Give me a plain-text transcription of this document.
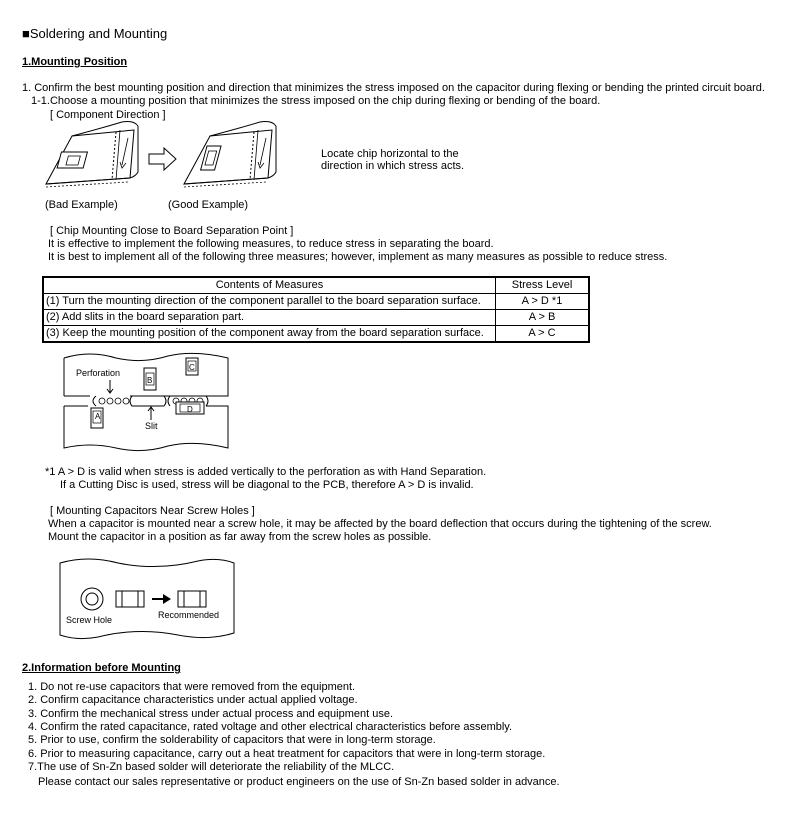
■Soldering and Mounting
1.Mounting Position
1. Confirm the best mounting position and direction that minimizes the stress imposed on the capacitor during flexing or bending the printed circuit board.
1-1.Choose a mounting position that minimizes the stress imposed on the chip during flexing or bending of the board.
[ Component Direction ]
Locate chip horizontal to the
direction in which stress acts.
(Bad Example)	(Good Example)
[ Chip Mounting Close to Board Separation Point ]
It is effective to implement the following measures, to reduce stress in separating the board.
It is best to implement all of the following three measures; however, implement as many measures as possible to reduce stress.
Contents of Measures	Stress Level
(1) Turn the mounting direction of the component parallel to the board separation surface.	A > D *1
(2) Add slits in the board separation part.	A > B
(3) Keep the mounting position of the component away from the board separation surface.	A > C
Perforation
Slit
B
C
D
A
*1 A > D is valid when stress is added vertically to the perforation as with Hand Separation.
If a Cutting Disc is used, stress will be diagonal to the PCB, therefore A > D is invalid.
[ Mounting Capacitors Near Screw Holes ]
When a capacitor is mounted near a screw hole, it may be affected by the board deflection that occurs during the tightening of the screw.
Mount the capacitor in a position as far away from the screw holes as possible.
Screw Hole	Recommended
2.Information before Mounting
1. Do not re-use capacitors that were removed from the equipment.
2. Confirm capacitance characteristics under actual applied voltage.
3. Confirm the mechanical stress under actual process and equipment use.
4. Confirm the rated capacitance, rated voltage and other electrical characteristics before assembly.
5. Prior to use, confirm the solderability of capacitors that were in long-term storage.
6. Prior to measuring capacitance, carry out a heat treatment for capacitors that were in long-term storage.
7.The use of Sn-Zn based solder will deteriorate the reliability of the MLCC.
Please contact our sales representative or product engineers on the use of Sn-Zn based solder in advance.
